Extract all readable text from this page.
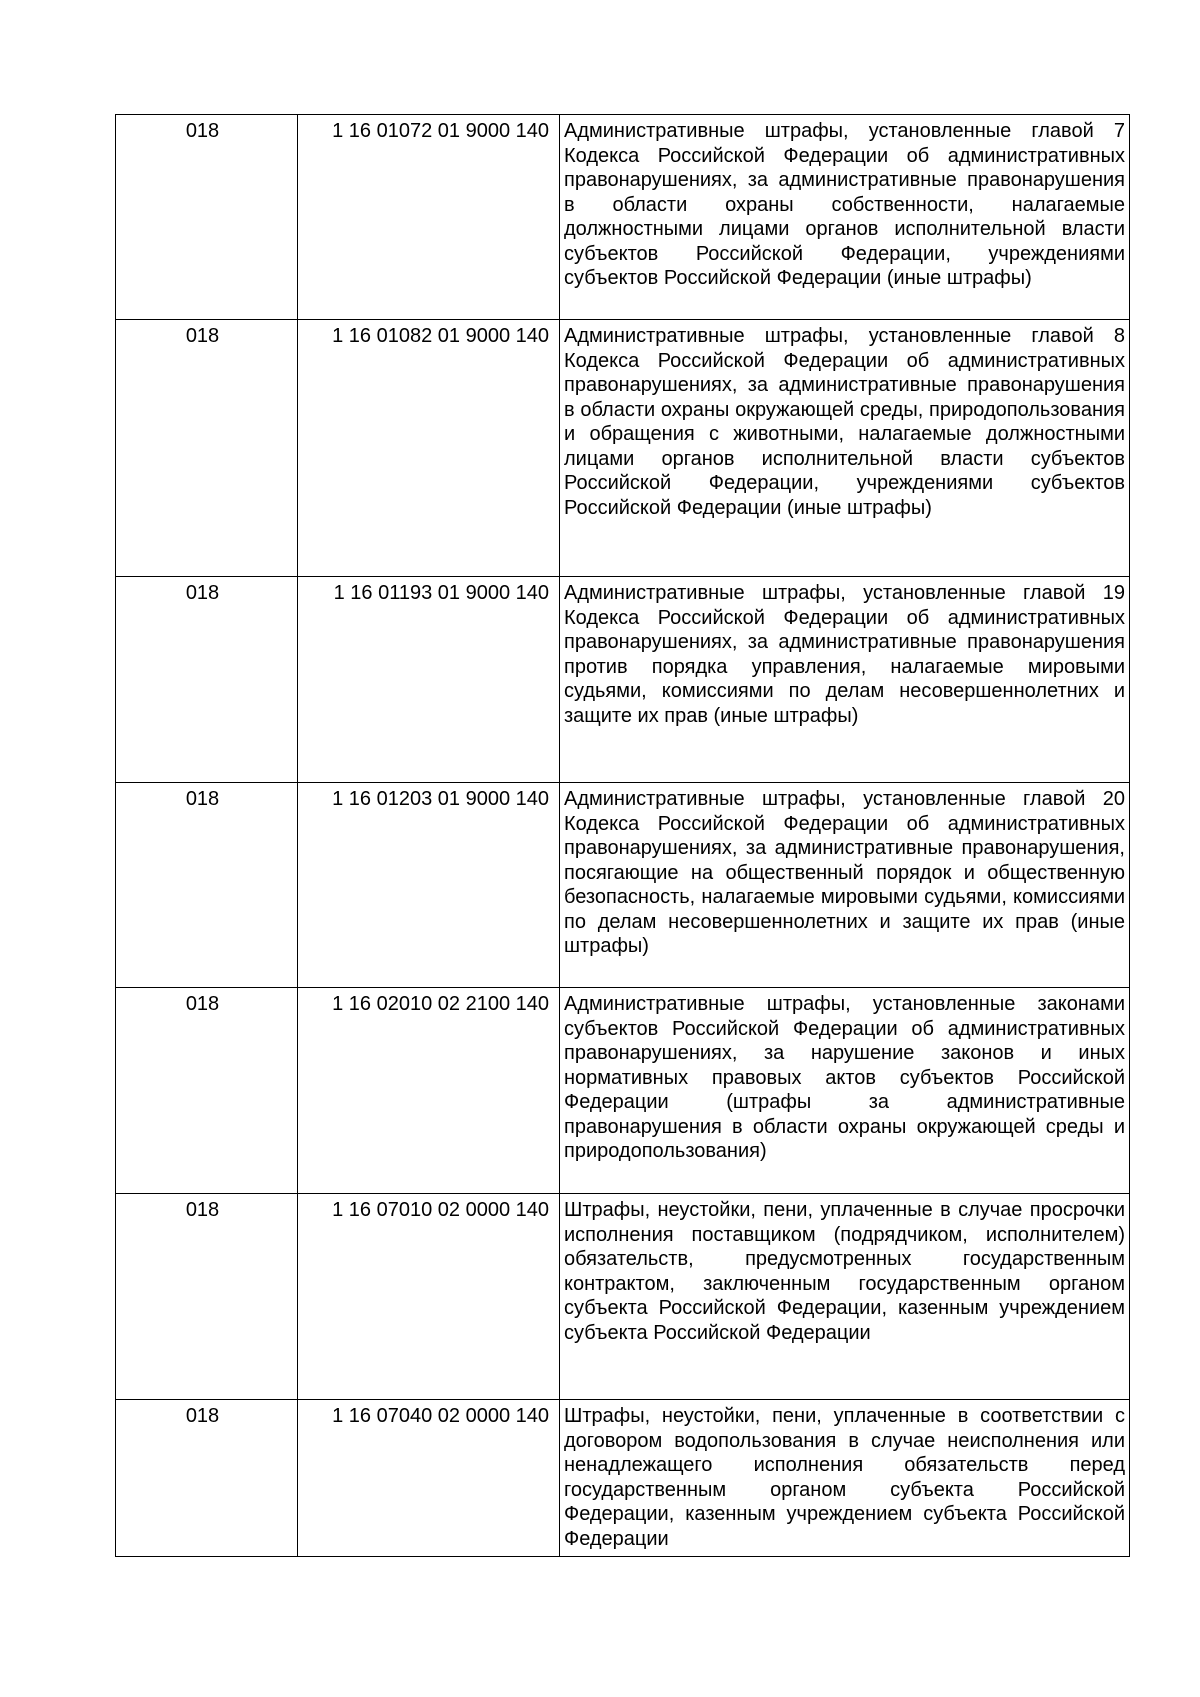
018	1 16 01072 01 9000 140	Административные штрафы, установленные главой 7 Кодекса Российской Федерации об административных правонарушениях, за административные правонарушения в области охраны собственности, налагаемые должностными лицами органов исполнительной власти субъектов Российской Федерации, учреждениями субъектов Российской Федерации (иные штрафы)
018	1 16 01082 01 9000 140	Административные штрафы, установленные главой 8 Кодекса Российской Федерации об административных правонарушениях, за административные правонарушения в области охраны окружающей среды, природопользования и обращения с животными, налагаемые должностными лицами органов исполнительной власти субъектов Российской Федерации, учреждениями субъектов Российской Федерации (иные штрафы)
018	1 16 01193 01 9000 140	Административные штрафы, установленные главой 19 Кодекса Российской Федерации об административных правонарушениях, за административные правонарушения против порядка управления, налагаемые мировыми судьями, комиссиями по делам несовершеннолетних и защите их прав (иные штрафы)
018	1 16 01203 01 9000 140	Административные штрафы, установленные главой 20 Кодекса Российской Федерации об административных правонарушениях, за административные правонарушения, посягающие на общественный порядок и общественную безопасность, налагаемые мировыми судьями, комиссиями по делам несовершеннолетних и защите их прав (иные штрафы)
018	1 16 02010 02 2100 140	Административные штрафы, установленные законами субъектов Российской Федерации об административных правонарушениях, за нарушение законов и иных нормативных правовых актов субъектов Российской Федерации (штрафы за административные правонарушения в области охраны окружающей среды и природопользования)
018	1 16 07010 02 0000 140	Штрафы, неустойки, пени, уплаченные в случае просрочки исполнения поставщиком (подрядчиком, исполнителем) обязательств, предусмотренных государственным контрактом, заключенным государственным органом субъекта Российской Федерации, казенным учреждением субъекта Российской Федерации
018	1 16 07040 02 0000 140	Штрафы, неустойки, пени, уплаченные в соответствии с договором водопользования в случае неисполнения или ненадлежащего исполнения обязательств перед государственным органом субъекта Российской Федерации, казенным учреждением субъекта Российской Федерации
